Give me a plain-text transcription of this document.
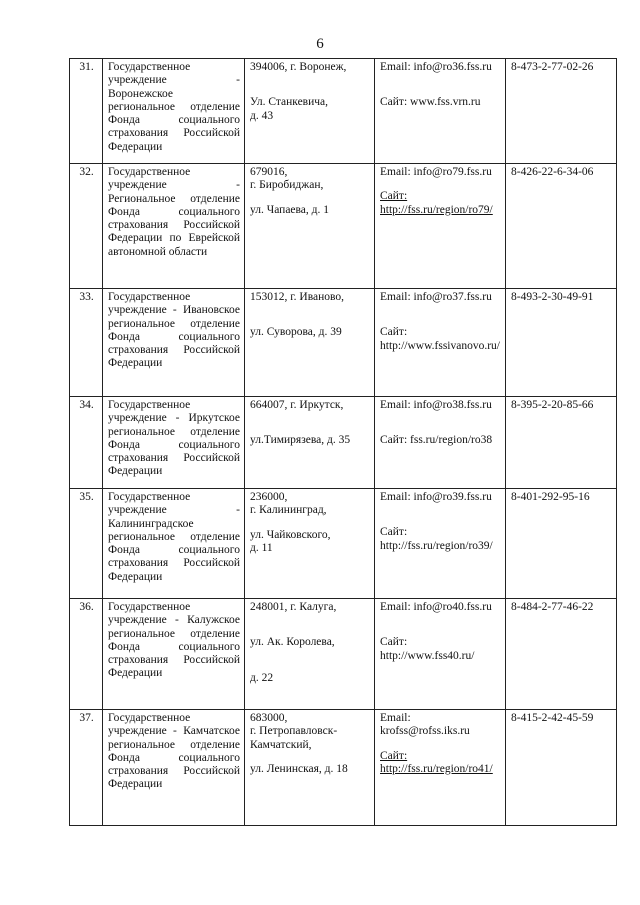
6
31.	Государственное учреждение - Воронежское региональное отделение Фонда социального страхования Российской Федерации	394006, г. Воронеж,
Ул. Станкевича,
д. 43	Email: info@ro36.fss.ru
Сайт: www.fss.vrn.ru	8-473-2-77-02-26
32.	Государственное учреждение - Региональное отделение Фонда социального страхования Российской Федерации по Еврейской автономной области	679016,
г. Биробиджан,
ул. Чапаева, д. 1	Email: info@ro79.fss.ru
Сайт:
http://fss.ru/region/ro79/	8-426-22-6-34-06
33.	Государственное учреждение - Ивановское региональное отделение Фонда социального страхования Российской Федерации	153012, г. Иваново,
ул. Суворова, д. 39	Email: info@ro37.fss.ru
Сайт:
http://www.fssivanovo.ru/	8-493-2-30-49-91
34.	Государственное учреждение - Иркутское региональное отделение Фонда социального страхования Российской Федерации	664007, г. Иркутск,
ул.Тимирязева, д. 35	Email: info@ro38.fss.ru
Сайт: fss.ru/region/ro38	8-395-2-20-85-66
35.	Государственное учреждение - Калининградское региональное отделение Фонда социального страхования Российской Федерации	236000,
г. Калининград,
ул. Чайковского,
д. 11	Email: info@ro39.fss.ru
Сайт:
http://fss.ru/region/ro39/	8-401-292-95-16
36.	Государственное учреждение - Калужское региональное отделение Фонда социального страхования Российской Федерации	248001, г. Калуга,
ул. Ак. Королева,
д. 22	Email: info@ro40.fss.ru
Сайт:
http://www.fss40.ru/	8-484-2-77-46-22
37.	Государственное учреждение - Камчатское региональное отделение Фонда социального страхования Российской Федерации	683000,
г. Петропавловск-Камчатский,
ул. Ленинская, д. 18	Email:
krofss@rofss.iks.ru
Сайт:
http://fss.ru/region/ro41/	8-415-2-42-45-59
